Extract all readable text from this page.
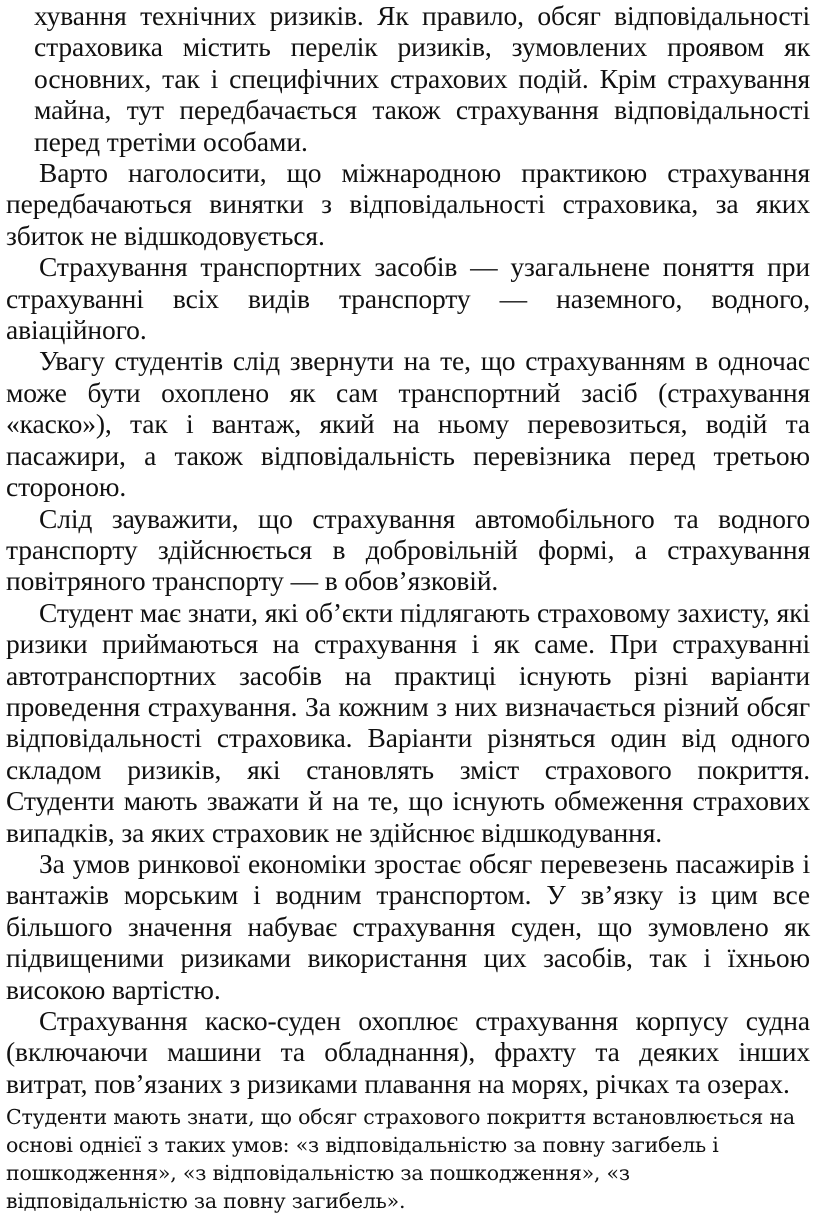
хування технічних ризиків. Як правило, обсяг відповідальності страховика містить перелік ризиків, зумовлених проявом як основних, так і специфічних страхових подій. Крім страхування майна, тут передбачається також страхування відповідальності перед третіми особами.

Варто наголосити, що міжнародною практикою страхування передбачаються винятки з відповідальності страховика, за яких збиток не відшкодовується.

Страхування транспортних засобів — узагальнене поняття при страхуванні всіх видів транспорту — наземного, водного, авіаційного.

Увагу студентів слід звернути на те, що страхуванням в одночас може бути охоплено як сам транспортний засіб (страхування «каско»), так і вантаж, який на ньому перевозиться, водій та пасажири, а також відповідальність перевізника перед третьою стороною.

Слід зауважити, що страхування автомобільного та водного транспорту здійснюється в добровільній формі, а страхування повітряного транспорту — в обов’язковій.

Студент має знати, які об’єкти підлягають страховому захисту, які ризики приймаються на страхування і як саме. При страхуванні автотранспортних засобів на практиці існують різні варіанти проведення страхування. За кожним з них визначається різний обсяг відповідальності страховика. Варіанти різняться один від одного складом ризиків, які становлять зміст страхового покриття. Студенти мають зважати й на те, що існують обмеження страхових випадків, за яких страховик не здійснює відшкодування.

За умов ринкової економіки зростає обсяг перевезень пасажирів і вантажів морським і водним транспортом. У зв’язку із цим все більшого значення набуває страхування суден, що зумовлено як підвищеними ризиками використання цих засобів, так і їхньою високою вартістю.

Страхування каско-суден охоплює страхування корпусу судна (включаючи машини та обладнання), фрахту та деяких інших витрат, пов’язаних з ризиками плавання на морях, річках та озерах.

Студенти мають знати, що обсяг страхового покриття встановлюється на основі однієї з таких умов: «з відповідальністю за повну загибель і пошкодження», «з відповідальністю за пошкодження», «з відповідальністю за повну загибель».
